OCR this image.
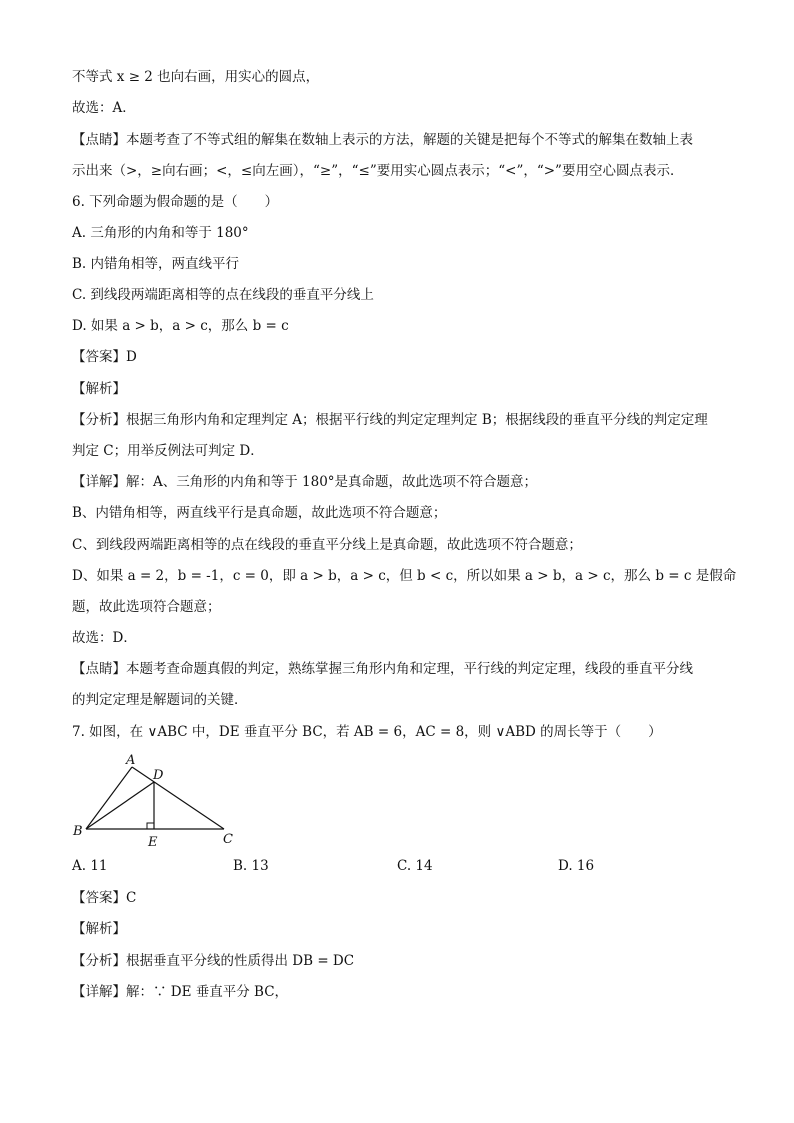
不等式 x ≥ 2 也向右画，用实心的圆点，
故选：A．
【点睛】本题考查了不等式组的解集在数轴上表示的方法，解题的关键是把每个不等式的解集在数轴上表
示出来（>，≥向右画；<，≤向左画），“≥”，“≤”要用实心圆点表示；“<”，“>”要用空心圆点表示．
6. 下列命题为假命题的是（　　）
A. 三角形的内角和等于 180°
B. 内错角相等，两直线平行
C. 到线段两端距离相等的点在线段的垂直平分线上
D. 如果 a > b，a > c，那么 b = c
【答案】D
【解析】
【分析】根据三角形内角和定理判定 A；根据平行线的判定定理判定 B；根据线段的垂直平分线的判定定理
判定 C；用举反例法可判定 D．
【详解】解：A、三角形的内角和等于 180°是真命题，故此选项不符合题意；
B、内错角相等，两直线平行是真命题，故此选项不符合题意；
C、到线段两端距离相等的点在线段的垂直平分线上是真命题，故此选项不符合题意；
D、如果 a = 2，b = -1，c = 0，即 a > b，a > c，但 b < c，所以如果 a > b，a > c，那么 b = c 是假命
题，故此选项符合题意；
故选：D．
【点睛】本题考查命题真假的判定，熟练掌握三角形内角和定理，平行线的判定定理，线段的垂直平分线
的判定定理是解题词的关键．
7. 如图，在 ∨ABC 中，DE 垂直平分 BC，若 AB = 6，AC = 8，则 ∨ABD 的周长等于（　　）
A
D
B
C
E
A. 11	B. 13	C. 14	D. 16
【答案】C
【解析】
【分析】根据垂直平分线的性质得出 DB = DC
【详解】解：∵ DE 垂直平分 BC，
